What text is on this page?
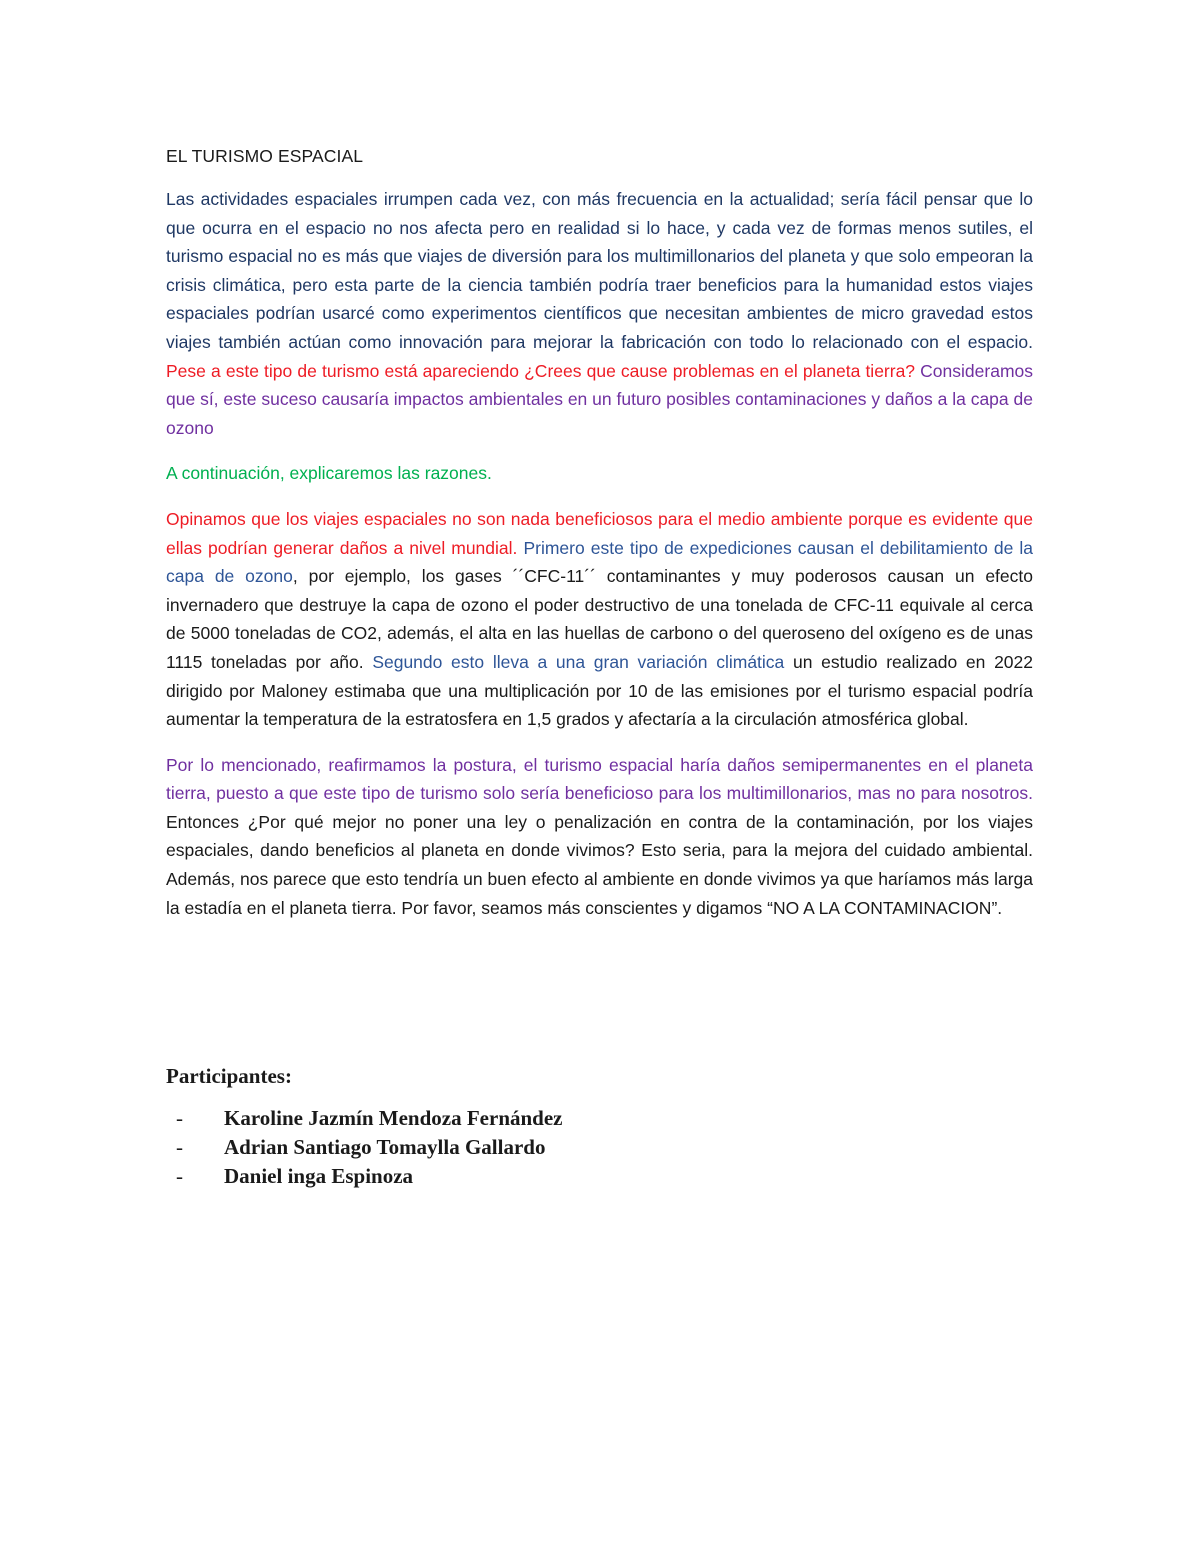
EL TURISMO ESPACIAL

Las actividades espaciales irrumpen cada vez, con más frecuencia en la actualidad; sería fácil pensar que lo que ocurra en el espacio no nos afecta pero en realidad si lo hace, y cada vez de formas menos sutiles, el turismo espacial no es más que viajes de diversión para los multimillonarios del planeta y que solo empeoran la crisis climática, pero esta parte de la ciencia también podría traer beneficios para la humanidad estos viajes espaciales podrían usarcé como experimentos científicos que necesitan ambientes de micro gravedad estos viajes también actúan como innovación para mejorar la fabricación con todo lo relacionado con el espacio. Pese a este tipo de turismo está apareciendo ¿Crees que cause problemas en el planeta tierra? Consideramos que sí, este suceso causaría impactos ambientales en un futuro posibles contaminaciones y daños a la capa de ozono

A continuación, explicaremos las razones.

Opinamos que los viajes espaciales no son nada beneficiosos para el medio ambiente porque es evidente que ellas podrían generar daños a nivel mundial. Primero este tipo de expediciones causan el debilitamiento de la capa de ozono, por ejemplo, los gases ´´CFC-11´´ contaminantes y muy poderosos causan un efecto invernadero que destruye la capa de ozono el poder destructivo de una tonelada de CFC-11 equivale al cerca de 5000 toneladas de CO2, además, el alta en las huellas de carbono o del queroseno del oxígeno es de unas 1115 toneladas por año. Segundo esto lleva a una gran variación climática un estudio realizado en 2022 dirigido por Maloney estimaba que una multiplicación por 10 de las emisiones por el turismo espacial podría aumentar la temperatura de la estratosfera en 1,5 grados y afectaría a la circulación atmosférica global.

Por lo mencionado, reafirmamos la postura, el turismo espacial haría daños semipermanentes en el planeta tierra, puesto a que este tipo de turismo solo sería beneficioso para los multimillonarios, mas no para nosotros. Entonces ¿Por qué mejor no poner una ley o penalización en contra de la contaminación, por los viajes espaciales, dando beneficios al planeta en donde vivimos? Esto seria, para la mejora del cuidado ambiental. Además, nos parece que esto tendría un buen efecto al ambiente en donde vivimos ya que haríamos más larga la estadía en el planeta tierra. Por favor, seamos más conscientes y digamos “NO A LA CONTAMINACION”.

Participantes:
-	Karoline Jazmín Mendoza Fernández
-	Adrian Santiago Tomaylla Gallardo
-	Daniel inga Espinoza
